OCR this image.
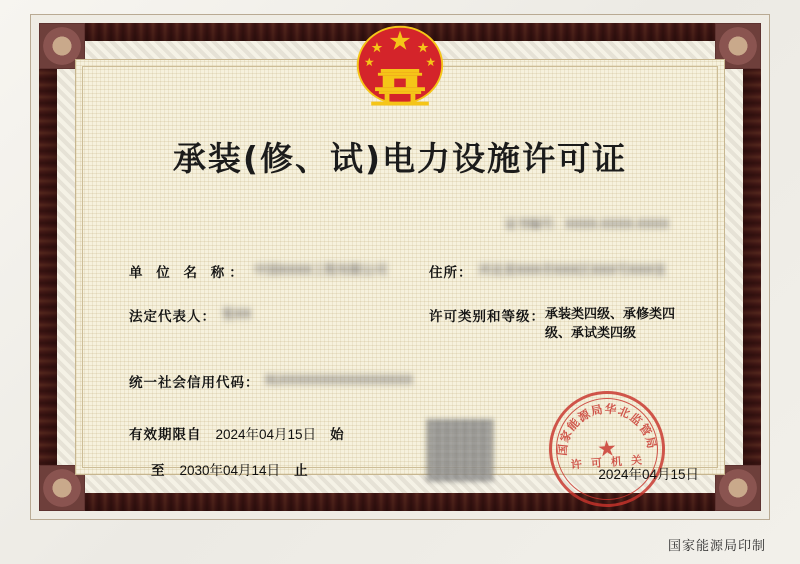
承装(修、试)电力设施许可证
证书编号：XXXX-XXXX-XXXX
单 位 名 称： 中国XXXX工程有限公司	住所： 河北省XXX市XXX区XXX号XXX室
法定代表人： 张XX	许可类别和等级： 承装类四级、承修类四级、承试类四级
统一社会信用代码： 91XXXXXXXXXXXXXXXX
有效期限自 2024年04月15日 始
至 2030年04月14日 止
国家能源局华北监管局
★
许 可 机 关
2024年04月15日
国家能源局印制
